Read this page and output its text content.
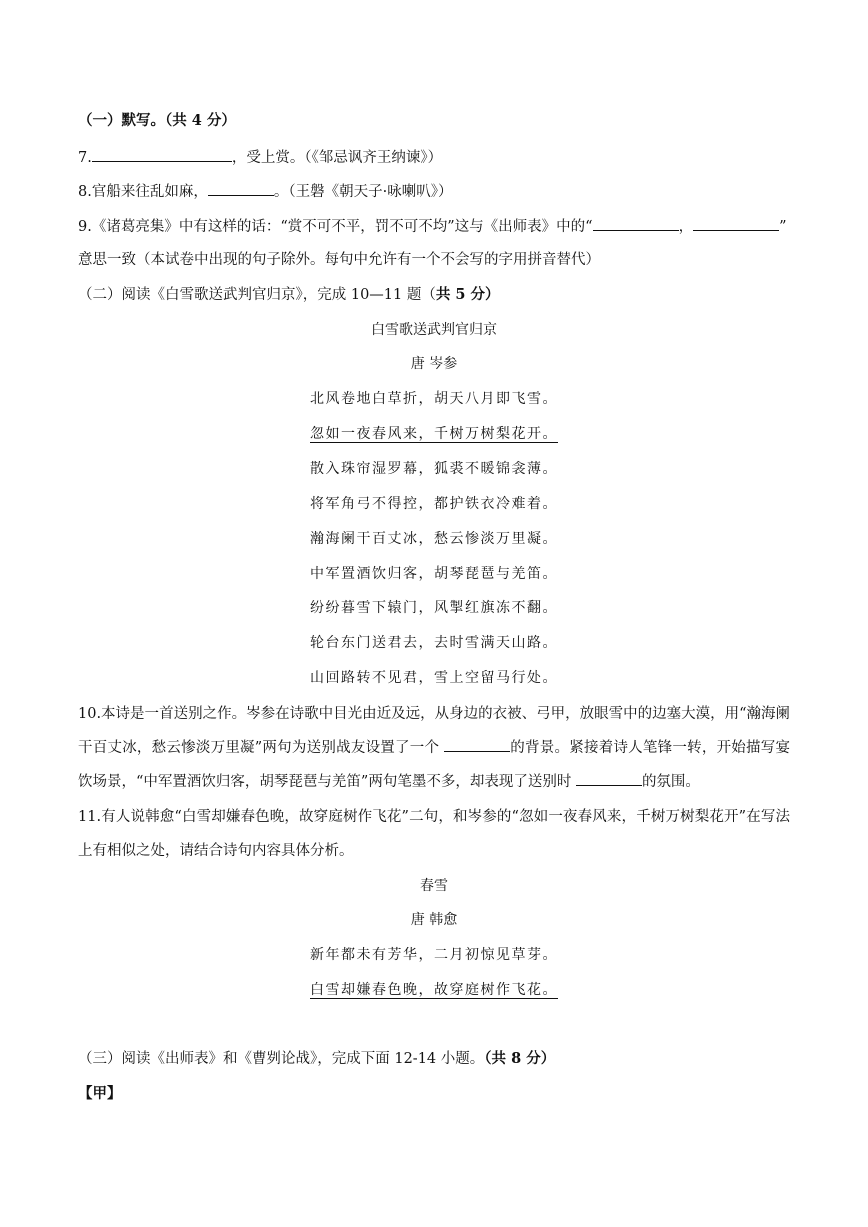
（一）默写。（共 4 分）
7.	，受上赏。（《邹忌讽齐王纳谏》）
8.官船来往乱如麻，	。（王磐《朝天子·咏喇叭》）
9.《诸葛亮集》中有这样的话：“赏不可不平，罚不可不均”这与《出师表》中的“	，	”
意思一致（本试卷中出现的句子除外。每句中允许有一个不会写的字用拼音替代）
（二）阅读《白雪歌送武判官归京》，完成 10—11 题（共 5 分）
白雪歌送武判官归京
唐 岑参
北风卷地白草折，胡天八月即飞雪。
忽如一夜春风来，千树万树梨花开。
散入珠帘湿罗幕，狐裘不暖锦衾薄。
将军角弓不得控，都护铁衣冷难着。
瀚海阑干百丈冰，愁云惨淡万里凝。
中军置酒饮归客，胡琴琵琶与羌笛。
纷纷暮雪下辕门，风掣红旗冻不翻。
轮台东门送君去，去时雪满天山路。
山回路转不见君，雪上空留马行处。
10.本诗是一首送别之作。岑参在诗歌中目光由近及远，从身边的衣被、弓甲，放眼雪中的边塞大漠，用“瀚海阑干百丈冰，愁云惨淡万里凝”两句为送别战友设置了一个	的背景。紧接着诗人笔锋一转，开始描写宴饮场景，“中军置酒饮归客，胡琴琵琶与羌笛”两句笔墨不多，却表现了送别时	的氛围。
11.有人说韩愈“白雪却嫌春色晚，故穿庭树作飞花”二句，和岑参的“忽如一夜春风来，千树万树梨花开”在写法上有相似之处，请结合诗句内容具体分析。
春雪
唐 韩愈
新年都未有芳华，二月初惊见草芽。
白雪却嫌春色晚，故穿庭树作飞花。
（三）阅读《出师表》和《曹刿论战》，完成下面 12-14 小题。（共 8 分）
【甲】
